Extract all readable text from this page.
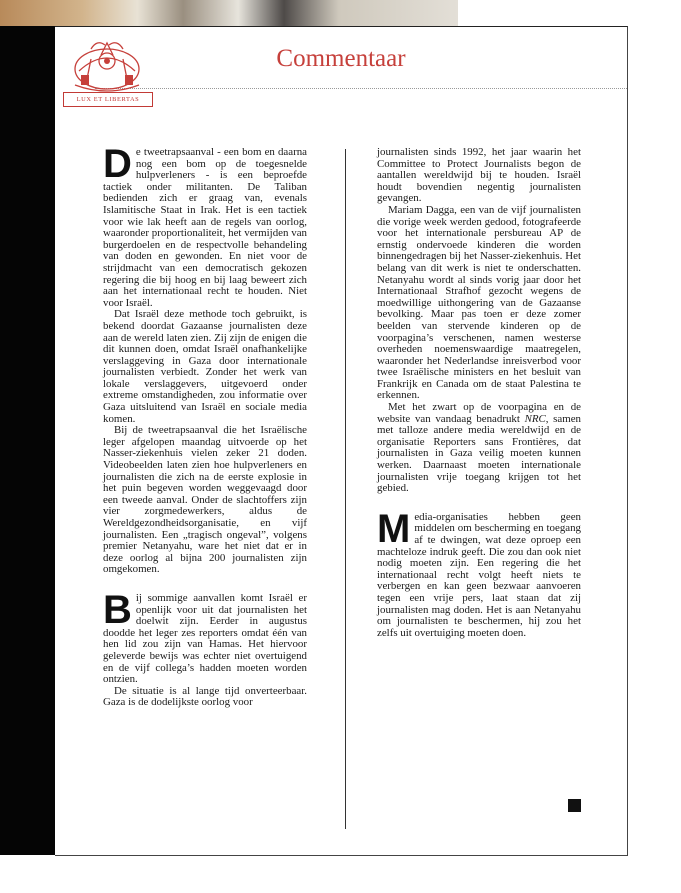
LUX ET LIBERTAS
Commentaar

De tweetrapsaanval - een bom en daarna nog een bom op de toegesnelde hulpverleners - is een beproefde tactiek onder militanten. De Taliban bedienden zich er graag van, evenals Islamitische Staat in Irak. Het is een tactiek voor wie lak heeft aan de regels van oorlog, waaronder proportionaliteit, het vermijden van burgerdoelen en de respectvolle behandeling van doden en gewonden. En niet voor de strijdmacht van een democratisch gekozen regering die bij hoog en bij laag beweert zich aan het internationaal recht te houden. Niet voor Israël.

Dat Israël deze methode toch gebruikt, is bekend doordat Gazaanse journalisten deze aan de wereld laten zien. Zij zijn de enigen die dit kunnen doen, omdat Israël onafhankelijke verslaggeving in Gaza door internationale journalisten verbiedt. Zonder het werk van lokale verslaggevers, uitgevoerd onder extreme omstandigheden, zou informatie over Gaza uitsluitend van Israël en sociale media komen.

Bij de tweetrapsaanval die het Israëlische leger afgelopen maandag uitvoerde op het Nasser-ziekenhuis vielen zeker 21 doden. Videobeelden laten zien hoe hulpverleners en journalisten die zich na de eerste explosie in het puin begeven worden weggevaagd door een tweede aanval. Onder de slachtoffers zijn vier zorgmedewerkers, aldus de Wereldgezondheidsorganisatie, en vijf journalisten. Een „tragisch ongeval”, volgens premier Netanyahu, ware het niet dat er in deze oorlog al bijna 200 journalisten zijn omgekomen.

Bij sommige aanvallen komt Israël er openlijk voor uit dat journalisten het doelwit zijn. Eerder in augustus doodde het leger zes reporters omdat één van hen lid zou zijn van Hamas. Het hiervoor geleverde bewijs was echter niet overtuigend en de vijf collega’s hadden moeten worden ontzien.

De situatie is al lange tijd onverteerbaar. Gaza is de dodelijkste oorlog voor

journalisten sinds 1992, het jaar waarin het Committee to Protect Journalists begon de aantallen wereldwijd bij te houden. Israël houdt bovendien negentig journalisten gevangen.

Mariam Dagga, een van de vijf journalisten die vorige week werden gedood, fotografeerde voor het internationale persbureau AP de ernstig ondervoede kinderen die worden binnengedragen bij het Nasser-ziekenhuis. Het belang van dit werk is niet te onderschatten. Netanyahu wordt al sinds vorig jaar door het Internationaal Strafhof gezocht wegens de moedwillige uithongering van de Gazaanse bevolking. Maar pas toen er deze zomer beelden van stervende kinderen op de voorpagina’s verschenen, namen westerse overheden noemenswaardige maatregelen, waaronder het Nederlandse inreisverbod voor twee Israëlische ministers en het besluit van Frankrijk en Canada om de staat Palestina te erkennen.

Met het zwart op de voorpagina en de website van vandaag benadrukt NRC, samen met talloze andere media wereldwijd en de organisatie Reporters sans Frontières, dat journalisten in Gaza veilig moeten kunnen werken. Daarnaast moeten internationale journalisten vrije toegang krijgen tot het gebied.

Media-organisaties hebben geen middelen om bescherming en toegang af te dwingen, wat deze oproep een machteloze indruk geeft. Die zou dan ook niet nodig moeten zijn. Een regering die het internationaal recht volgt heeft niets te verbergen en kan geen bezwaar aanvoeren tegen een vrije pers, laat staan dat zij journalisten mag doden. Het is aan Netanyahu om journalisten te beschermen, hij zou het zelfs uit overtuiging moeten doen.
